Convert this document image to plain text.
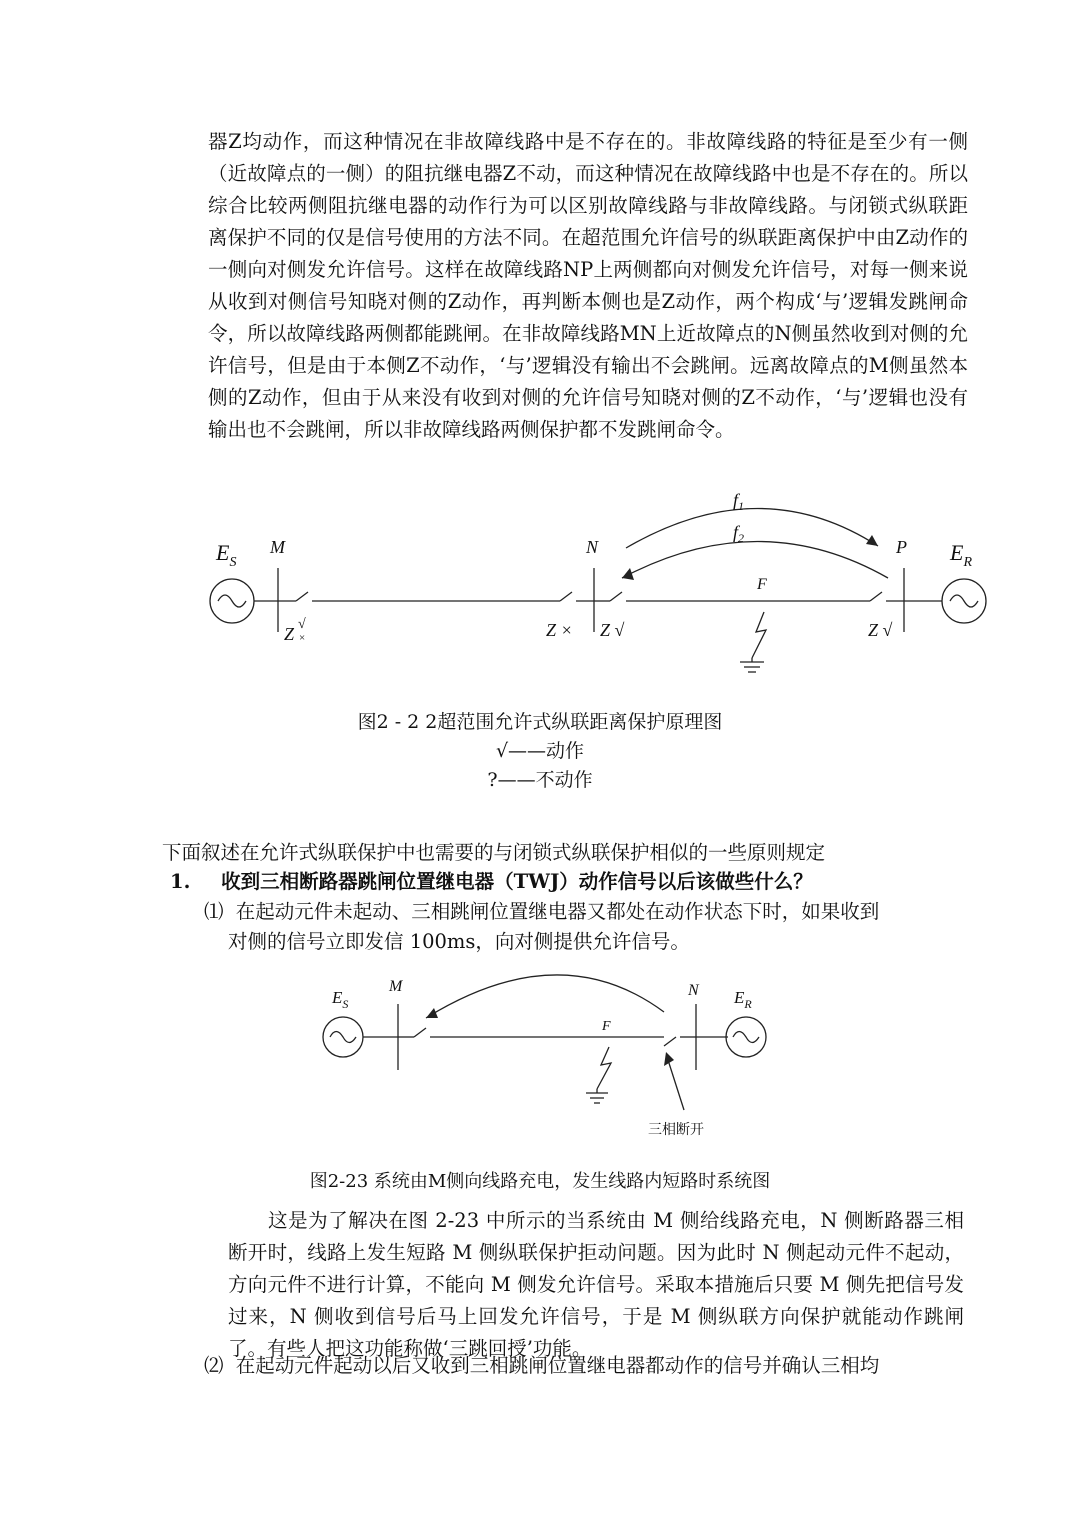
器Z均动作，而这种情况在非故障线路中是不存在的。非故障线路的特征是至少有一侧（近故障点的一侧）的阻抗继电器Z不动，而这种情况在故障线路中也是不存在的。所以综合比较两侧阻抗继电器的动作行为可以区别故障线路与非故障线路。与闭锁式纵联距离保护不同的仅是信号使用的方法不同。在超范围允许信号的纵联距离保护中由Z动作的一侧向对侧发允许信号。这样在故障线路NP上两侧都向对侧发允许信号，对每一侧来说从收到对侧信号知晓对侧的Z动作，再判断本侧也是Z动作，两个构成‘与’逻辑发跳闸命令，所以故障线路两侧都能跳闸。在非故障线路MN上近故障点的N侧虽然收到对侧的允许信号，但是由于本侧Z不动作，‘与’逻辑没有输出不会跳闸。远离故障点的M侧虽然本侧的Z动作，但由于从来没有收到对侧的允许信号知晓对侧的Z不动作，‘与’逻辑也没有输出也不会跳闸，所以非故障线路两侧保护都不发跳闸命令。

$E_S$
M	N	P $E_R$
F
$f_1$
$f_2$
Z √
×	Z × Z √	Z √
图2 - 2 2超范围允许式纵联距离保护原理图
√——动作
?——不动作
下面叙述在允许式纵联保护中也需要的与闭锁式纵联保护相似的一些原则规定
1. 收到三相断路器跳闸位置继电器（TWJ）动作信号以后该做些什么？
⑴ 在起动元件未起动、三相跳闸位置继电器又都处在动作状态下时，如果收到
对侧的信号立即发信 100ms，向对侧提供允许信号。
$E_S$
M	N $E_R$
F
三相断开
图2-23 系统由M侧向线路充电，发生线路内短路时系统图

这是为了解决在图 2-23 中所示的当系统由 M 侧给线路充电，N 侧断路器三相断开时，线路上发生短路 M 侧纵联保护拒动问题。因为此时 N 侧起动元件不起动，方向元件不进行计算，不能向 M 侧发允许信号。采取本措施后只要 M 侧先把信号发过来，N 侧收到信号后马上回发允许信号，于是 M 侧纵联方向保护就能动作跳闸了。有些人把这功能称做‘三跳回授’功能。

⑵ 在起动元件起动以后又收到三相跳闸位置继电器都动作的信号并确认三相均
